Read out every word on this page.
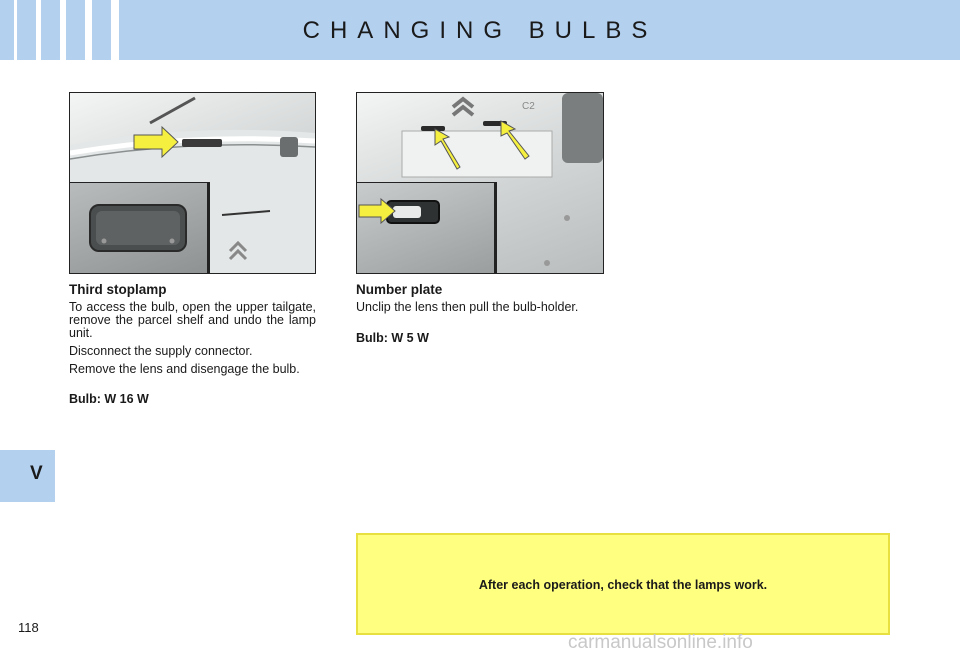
CHANGING BULBS
V
C2
Third stoplamp

To access the bulb, open the upper tailgate, remove the parcel shelf and undo the lamp unit.

Disconnect the supply connector.

Remove the lens and disengage the bulb.

Bulb: W 16 W

Number plate

Unclip the lens then pull the bulb-holder.

Bulb: W 5 W

After each operation, check that the lamps work.
118
carmanualsonline.info
